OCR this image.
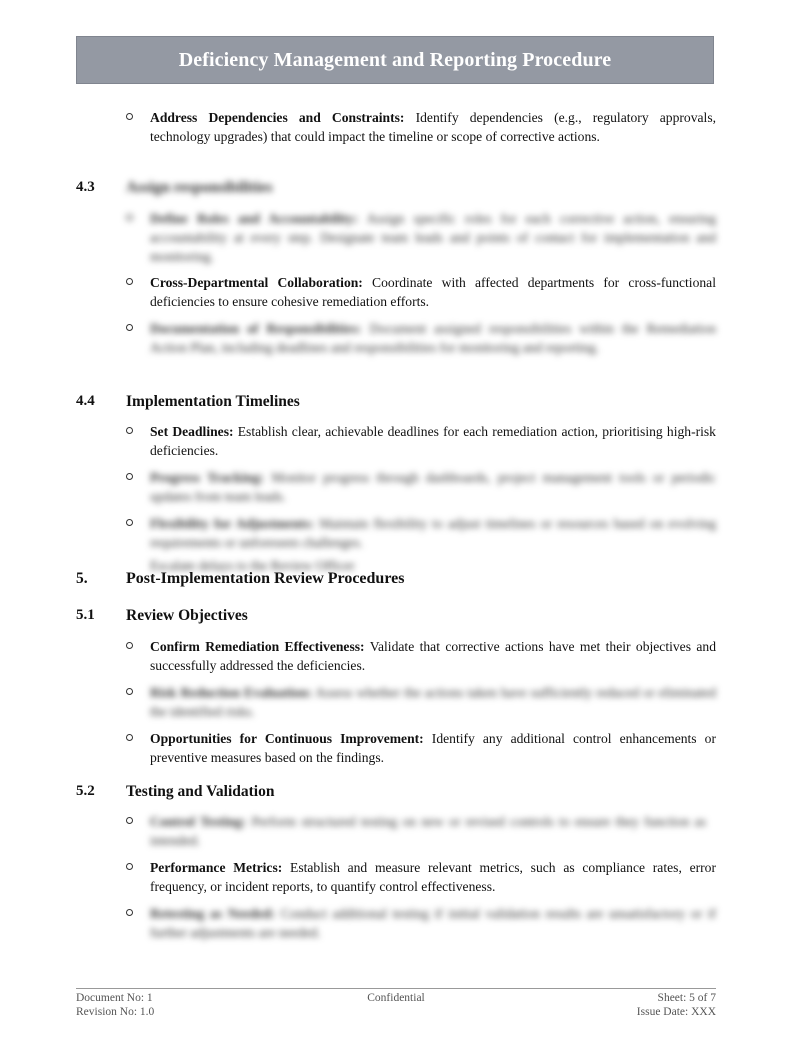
Deficiency Management and Reporting Procedure
Address Dependencies and Constraints: Identify dependencies (e.g., regulatory approvals, technology upgrades) that could impact the timeline or scope of corrective actions.
4.3 Assign responsibilities
Define Roles and Accountability: Assign specific roles for each corrective action, ensuring accountability at every step. Designate team leads and points of contact for implementation and monitoring.
Cross-Departmental Collaboration: Coordinate with affected departments for cross-functional deficiencies to ensure cohesive remediation efforts.
Documentation of Responsibilities: Document assigned responsibilities within the Remediation Action Plan, including deadlines and responsibilities for monitoring and reporting.
4.4 Implementation Timelines
Set Deadlines: Establish clear, achievable deadlines for each remediation action, prioritising high-risk deficiencies.
Progress Tracking: Monitor progress through dashboards, project management tools or periodic updates from team leads.
Flexibility for Adjustments: Maintain flexibility to adjust timelines or resources based on evolving requirements or unforeseen challenges.
Escalate delays to the Review Officer
5. Post-Implementation Review Procedures
5.1 Review Objectives
Confirm Remediation Effectiveness: Validate that corrective actions have met their objectives and successfully addressed the deficiencies.
Risk Reduction Evaluation: Assess whether the actions taken have sufficiently reduced or eliminated the identified risks.
Opportunities for Continuous Improvement: Identify any additional control enhancements or preventive measures based on the findings.
5.2 Testing and Validation
Control Testing: Perform structured testing on new or revised controls to ensure they function as intended.
Performance Metrics: Establish and measure relevant metrics, such as compliance rates, error frequency, or incident reports, to quantify control effectiveness.
Retesting as Needed: Conduct additional testing if initial validation results are unsatisfactory or if further adjustments are needed.
Document No: 1
Revision No: 1.0
Confidential	Sheet: 5 of 7
Issue Date: XXX
